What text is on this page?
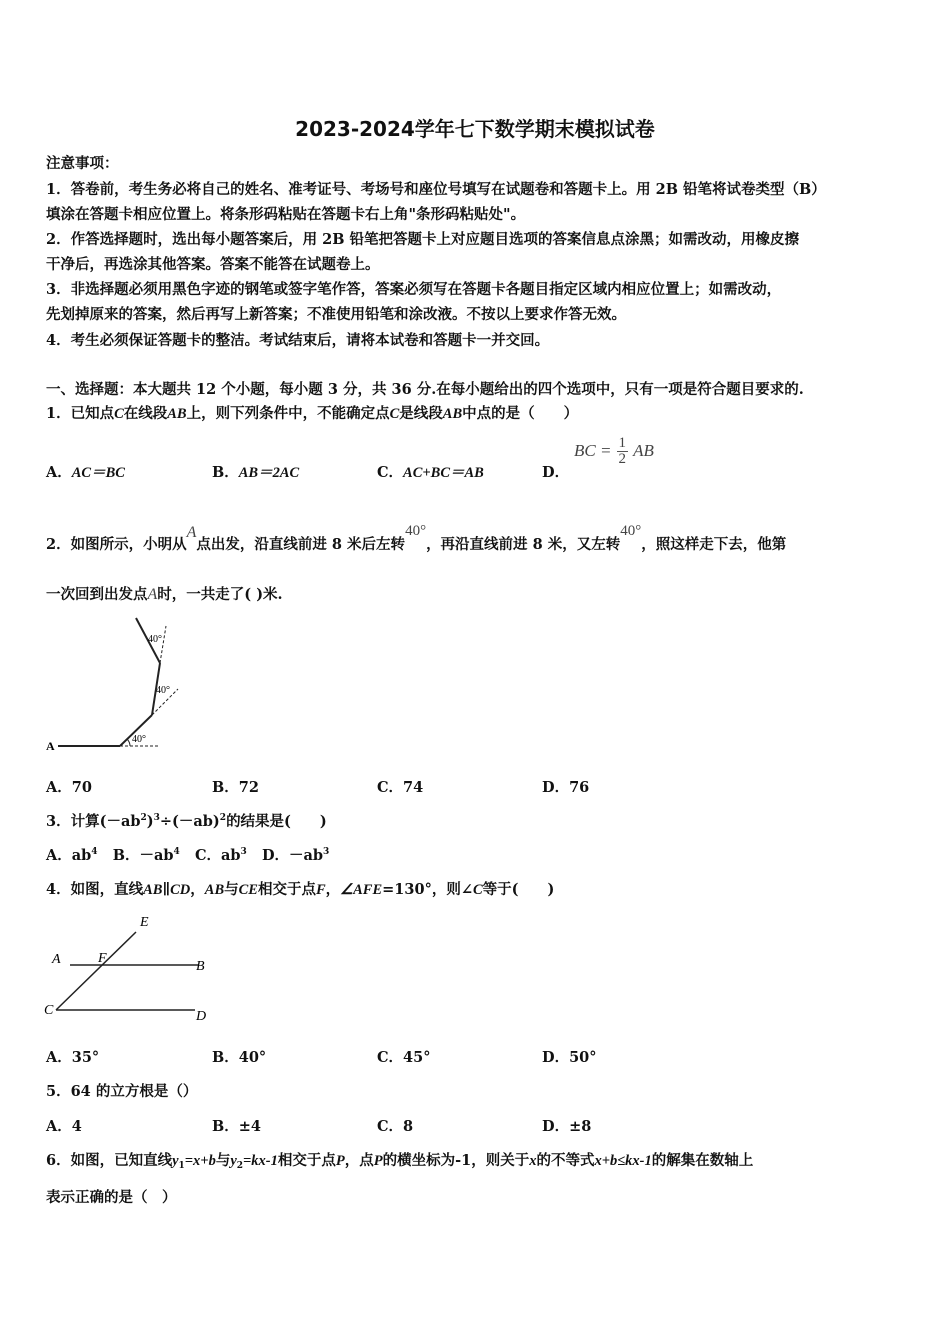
2023-2024学年七下数学期末模拟试卷
注意事项：
1．答卷前，考生务必将自己的姓名、准考证号、考场号和座位号填写在试题卷和答题卡上。用 2B 铅笔将试卷类型（B）
填涂在答题卡相应位置上。将条形码粘贴在答题卡右上角"条形码粘贴处"。
2．作答选择题时，选出每小题答案后，用 2B 铅笔把答题卡上对应题目选项的答案信息点涂黑；如需改动，用橡皮擦
干净后，再选涂其他答案。答案不能答在试题卷上。
3．非选择题必须用黑色字迹的钢笔或签字笔作答，答案必须写在答题卡各题目指定区域内相应位置上；如需改动，
先划掉原来的答案，然后再写上新答案；不准使用铅笔和涂改液。不按以上要求作答无效。
4．考生必须保证答题卡的整洁。考试结束后，请将本试卷和答题卡一并交回。
一、选择题：本大题共 12 个小题，每小题 3 分，共 36 分.在每小题给出的四个选项中，只有一项是符合题目要求的.
1．已知点C在线段AB上，则下列条件中，不能确定点C是线段AB中点的是（　　）
A．AC＝BC	B．AB＝2AC	C．AC+BC＝AB	D．
BC = $\frac{1}{2}$ AB
2．如图所示，小明从A点出发，沿直线前进 8 米后左转40°，再沿直线前进 8 米，又左转40°，照这样走下去，他第
一次回到出发点A时，一共走了( )米.
A	40°
40°
40°
A．70	B．72	C．74	D．76
3．计算$(-ab^2)^3\div(-ab)^2$的结果是(　　)
A．$ab^4$ B．$-ab^4$ C．$ab^3$ D．$-ab^3$
4．如图，直线AB∥CD，AB与CE相交于点F，∠AFE=130°，则∠C等于(　　)
E
A	F
B
C	D
A．35°	B．40°	C．45°	D．50°
5．64 的立方根是（）
A．4	B．±4	C．8	D．±8
6．如图，已知直线$y_1=x+b$与$y_2=kx-1$相交于点P，点P的横坐标为-1，则关于x的不等式x+b≤kx-1的解集在数轴上
表示正确的是（　）
